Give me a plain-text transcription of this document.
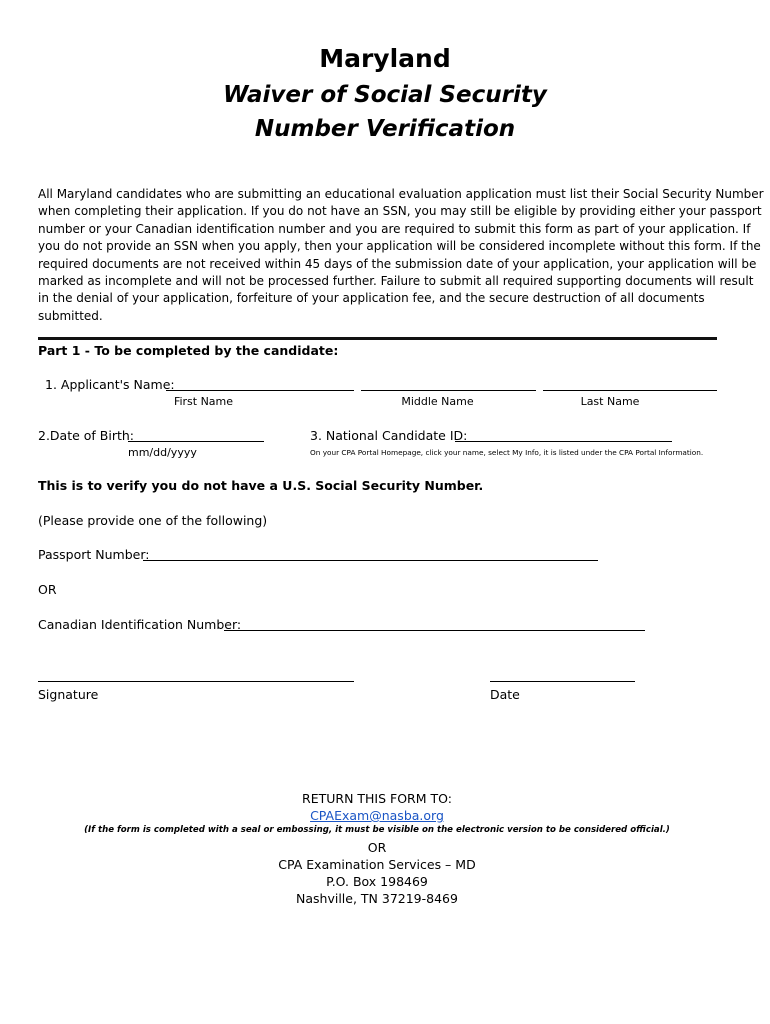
Maryland
Waiver of Social Security
Number Verification
All Maryland candidates who are submitting an educational evaluation application must list their Social Security Number
when completing their application. If you do not have an SSN, you may still be eligible by providing either your passport
number or your Canadian identification number and you are required to submit this form as part of your application. If
you do not provide an SSN when you apply, then your application will be considered incomplete without this form. If the
required documents are not received within 45 days of the submission date of your application, your application will be
marked as incomplete and will not be processed further. Failure to submit all required supporting documents will result
in the denial of your application, forfeiture of your application fee, and the secure destruction of all documents
submitted.
Part 1 - To be completed by the candidate:
1. Applicant's Name:
First Name	Middle Name	Last Name
2.Date of Birth:
mm/dd/yyyy
3. National Candidate ID:
On your CPA Portal Homepage, click your name, select My Info, it is listed under the CPA Portal Information.
This is to verify you do not have a U.S. Social Security Number.
(Please provide one of the following)
Passport Number:
OR
Canadian Identification Number:
Signature	Date
RETURN THIS FORM TO:
CPAExam@nasba.org
(If the form is completed with a seal or embossing, it must be visible on the electronic version to be considered official.)
OR
CPA Examination Services – MD
P.O. Box 198469
Nashville, TN 37219-8469
